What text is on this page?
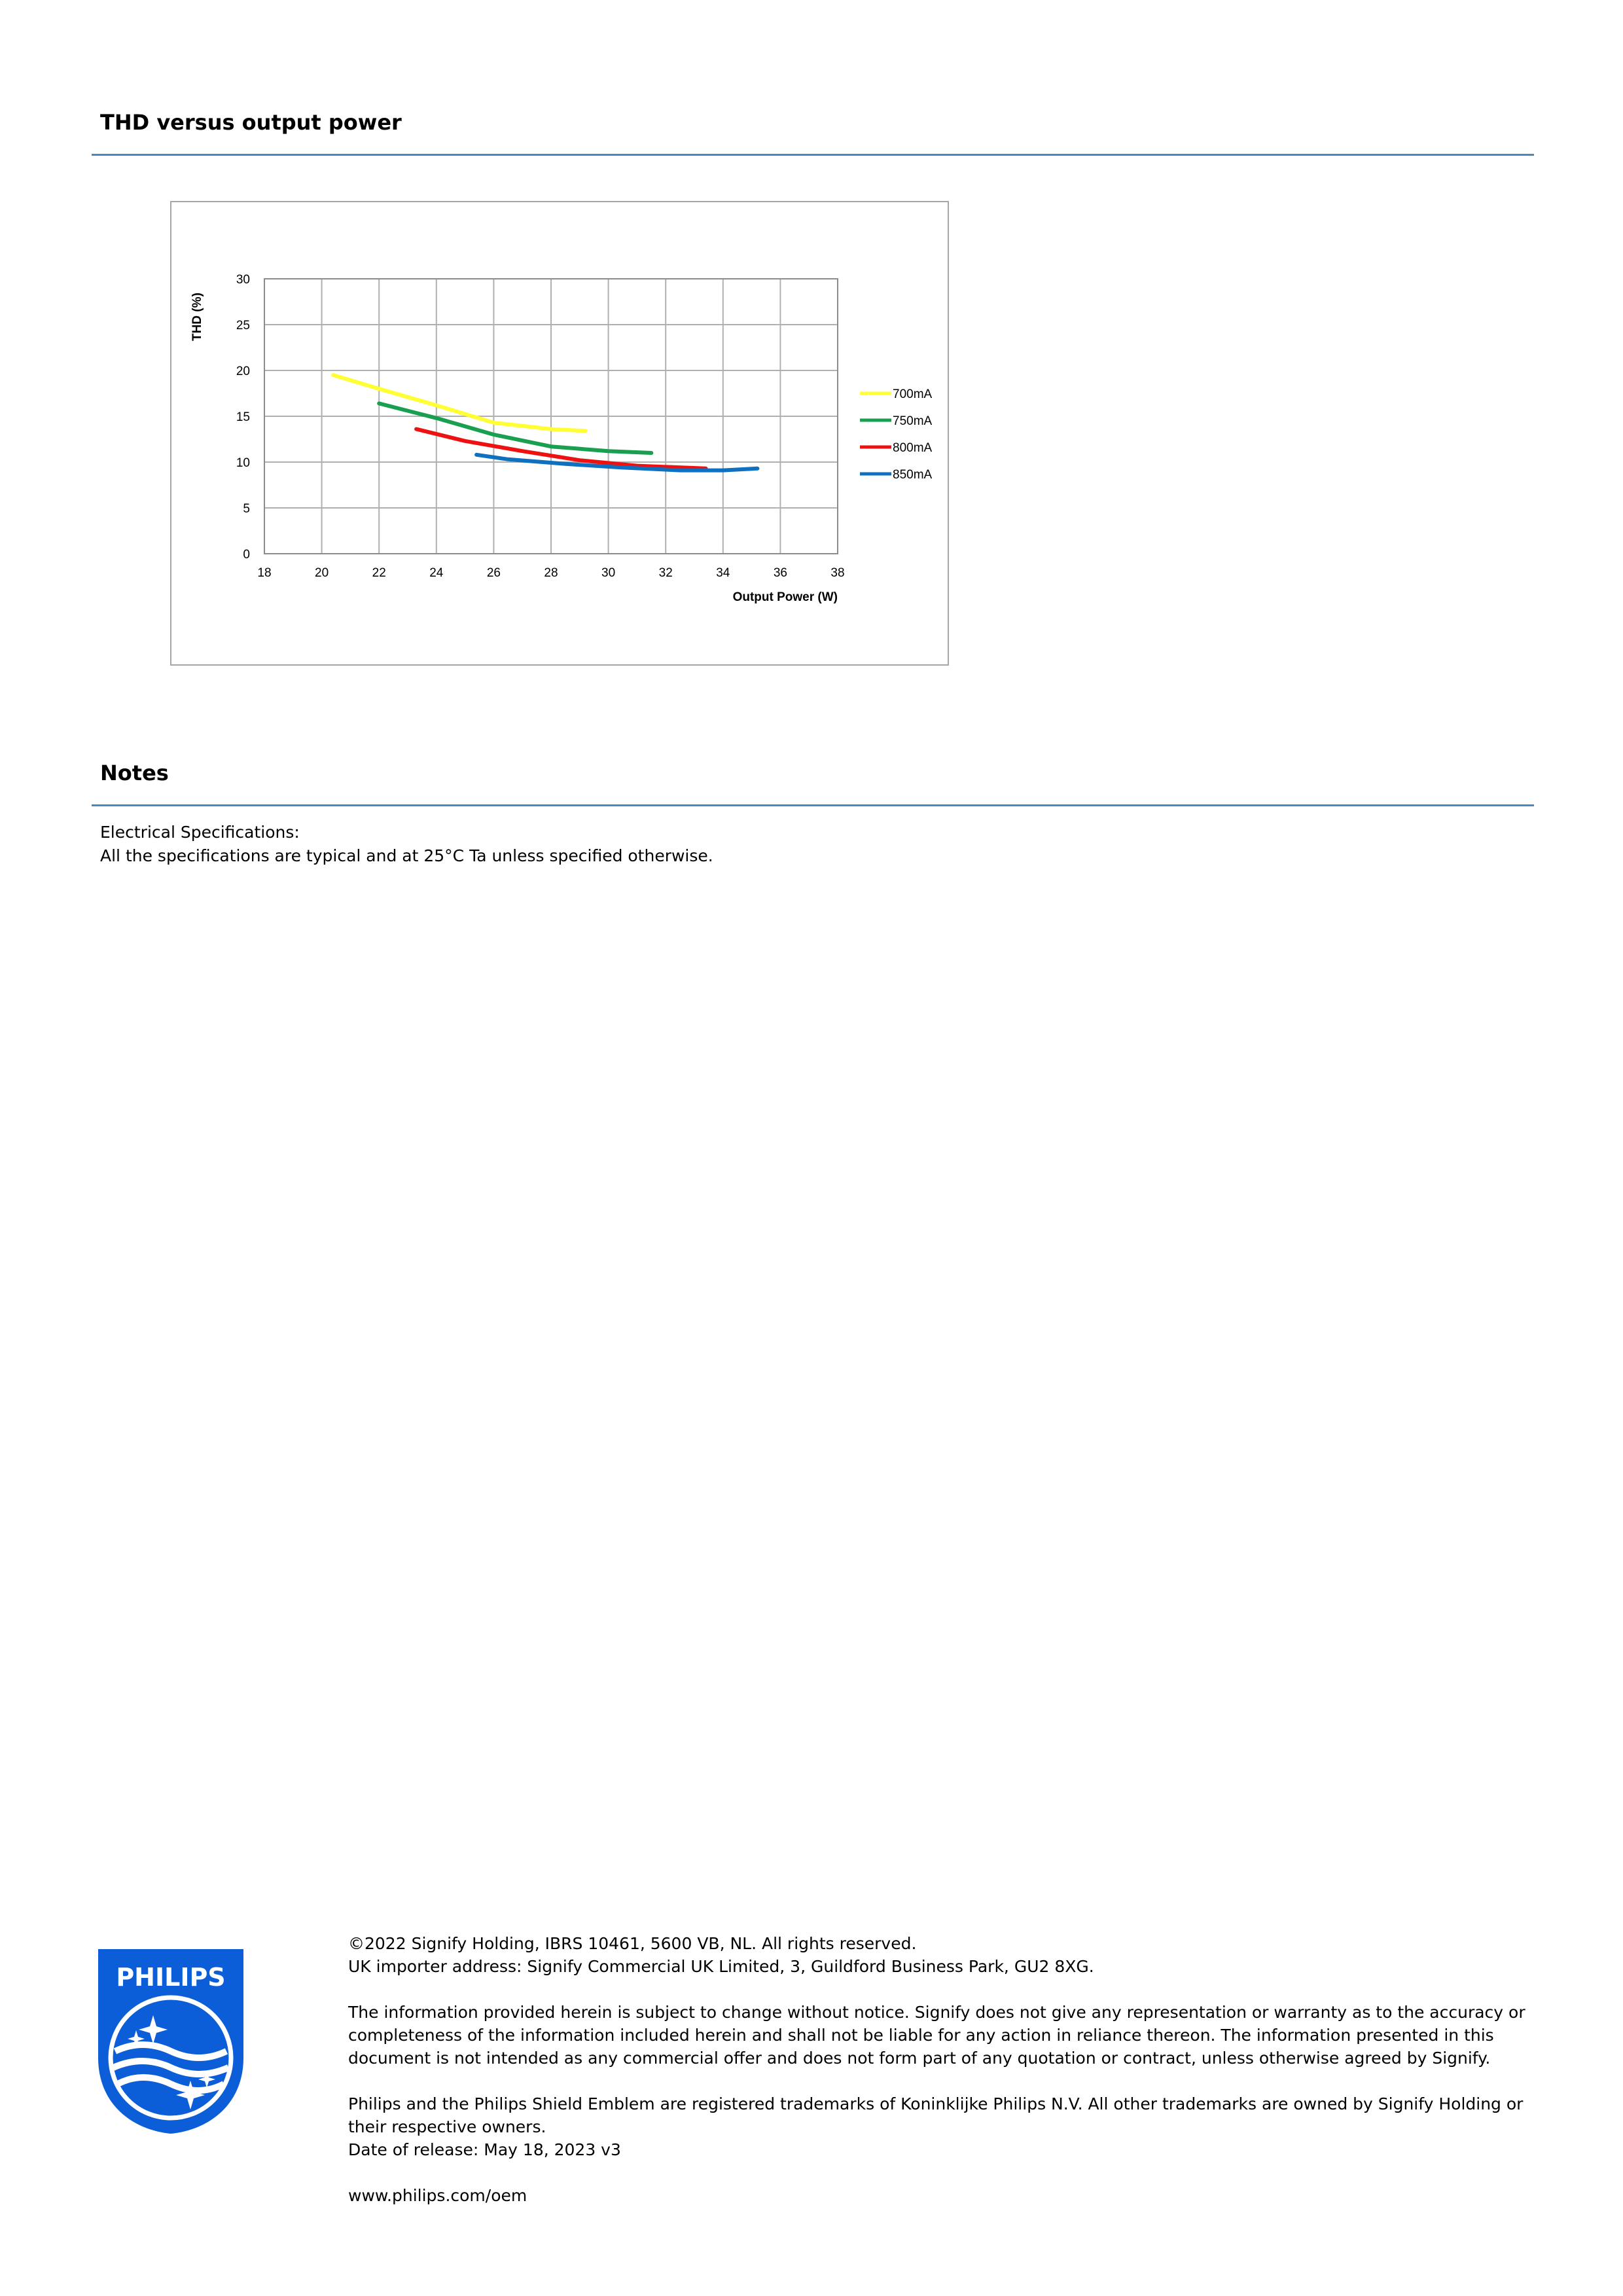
THD versus output power
18	20	22	24	26	28	30	32	34	36	38
0
5
10
15
20
25
30
Output Power (W)
THD (%)
700mA
750mA
800mA
850mA
Notes
Electrical Specifications:
All the specifications are typical and at 25°C Ta unless specified otherwise.
PHILIPS

©2022 Signify Holding, IBRS 10461, 5600 VB, NL. All rights reserved.

UK importer address: Signify Commercial UK Limited, 3, Guildford Business Park, GU2 8XG.

The information provided herein is subject to change without notice. Signify does not give any representation or warranty as to the accuracy or completeness of the information included herein and shall not be liable for any action in reliance thereon. The information presented in this document is not intended as any commercial offer and does not form part of any quotation or contract, unless otherwise agreed by Signify.

Philips and the Philips Shield Emblem are registered trademarks of Koninklijke Philips N.V. All other trademarks are owned by Signify Holding or their respective owners.

Date of release: May 18, 2023 v3

www.philips.com/oem
